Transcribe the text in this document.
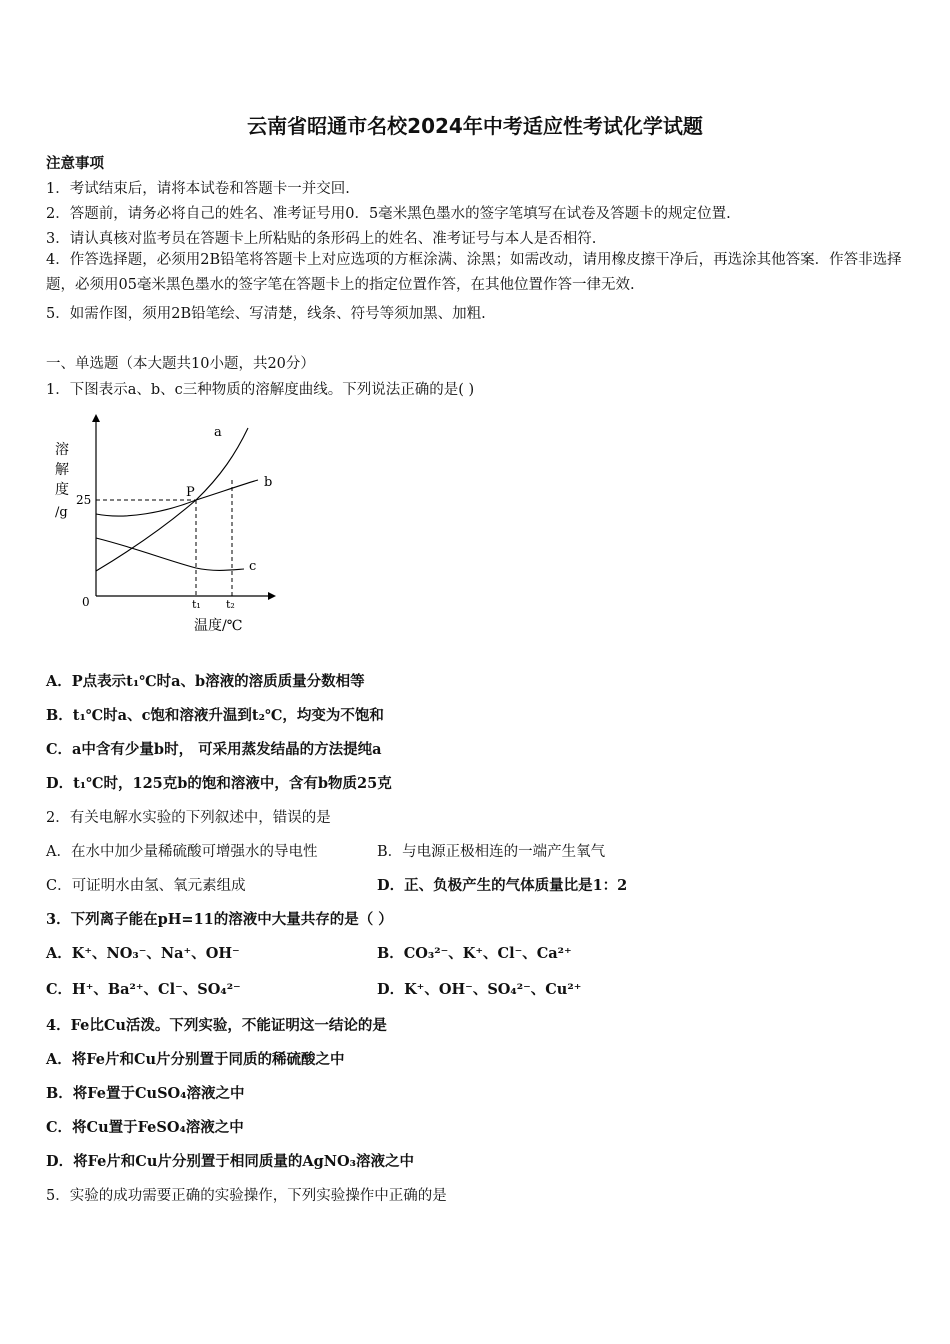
云南省昭通市名校2024年中考适应性考试化学试题
注意事项
1．考试结束后，请将本试卷和答题卡一并交回.
2．答题前，请务必将自己的姓名、准考证号用0．5毫米黑色墨水的签字笔填写在试卷及答题卡的规定位置.
3．请认真核对监考员在答题卡上所粘贴的条形码上的姓名、准考证号与本人是否相符.
4．作答选择题，必须用2B铅笔将答题卡上对应选项的方框涂满、涂黑；如需改动，请用橡皮擦干净后，再选涂其他答案．作答非选择题，必须用05毫米黑色墨水的签字笔在答题卡上的指定位置作答，在其他位置作答一律无效.
5．如需作图，须用2B铅笔绘、写清楚，线条、符号等须加黑、加粗.
一、单选题（本大题共10小题，共20分）
1．下图表示a、b、c三种物质的溶解度曲线。下列说法正确的是( )
溶
解
度
/g
25
0	t₁ t₂
温度/℃
P
a
b
c
A．P点表示t₁℃时a、b溶液的溶质质量分数相等
B．t₁℃时a、c饱和溶液升温到t₂℃，均变为不饱和
C．a中含有少量b时， 可采用蒸发结晶的方法提纯a
D．t₁℃时，125克b的饱和溶液中，含有b物质25克
2．有关电解水实验的下列叙述中，错误的是
A．在水中加少量稀硫酸可增强水的导电性	B．与电源正极相连的一端产生氧气
C．可证明水由氢、氧元素组成	D．正、负极产生的气体质量比是1：2
3．下列离子能在pH=11的溶液中大量共存的是（ ）
A．K⁺、NO₃⁻、Na⁺、OH⁻	B．CO₃²⁻、K⁺、Cl⁻、Ca²⁺
C．H⁺、Ba²⁺、Cl⁻、SO₄²⁻	D．K⁺、OH⁻、SO₄²⁻、Cu²⁺
4．Fe比Cu活泼。下列实验，不能证明这一结论的是
A．将Fe片和Cu片分别置于同质的稀硫酸之中
B．将Fe置于CuSO₄溶液之中
C．将Cu置于FeSO₄溶液之中
D．将Fe片和Cu片分别置于相同质量的AgNO₃溶液之中
5．实验的成功需要正确的实验操作，下列实验操作中正确的是
